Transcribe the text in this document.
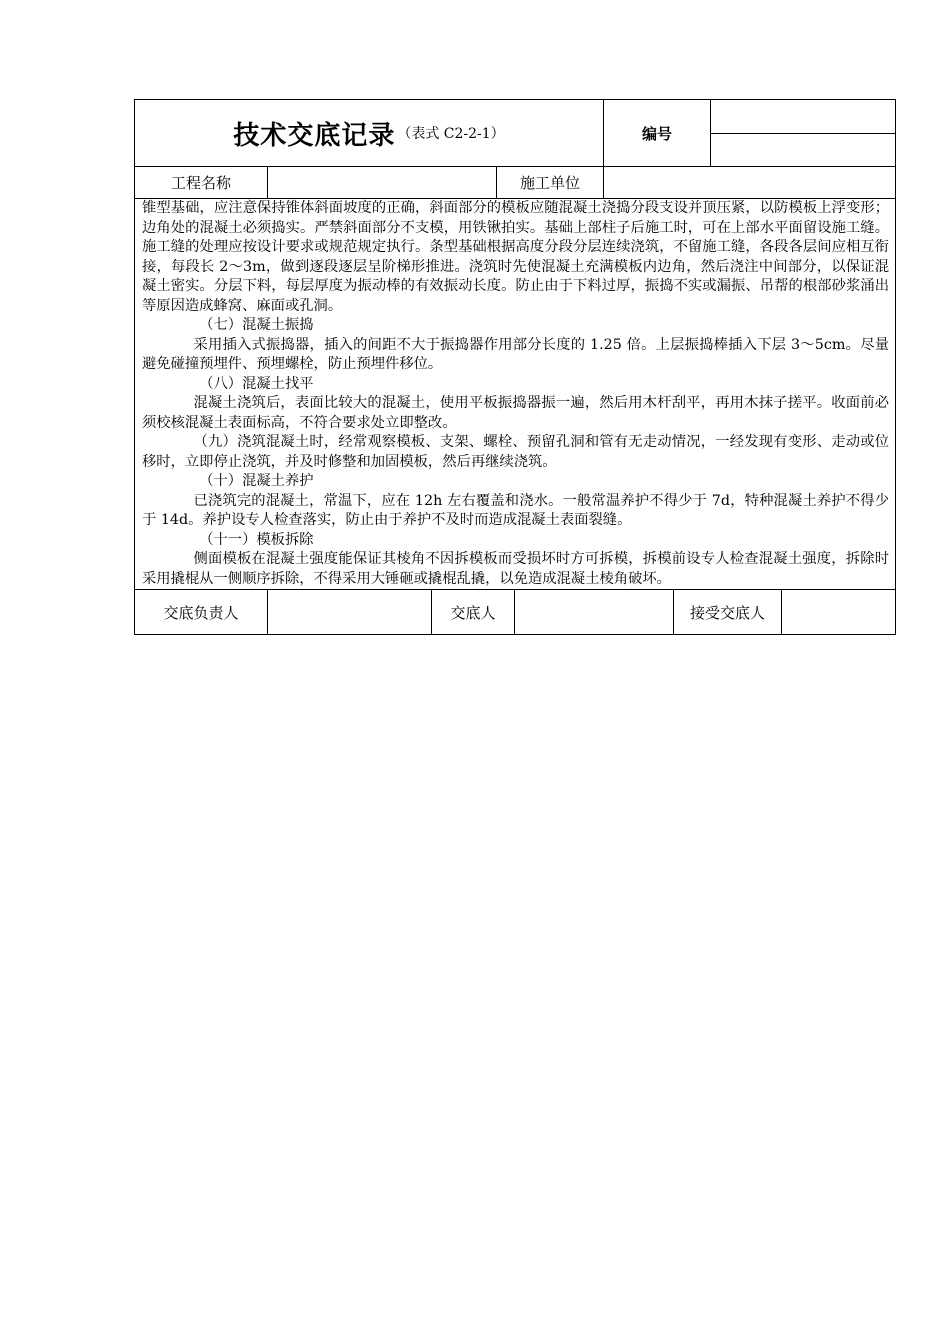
技术交底记录 （表式 C2-2-1）	编号
工程名称	施工单位

锥型基础，应注意保持锥体斜面坡度的正确，斜面部分的模板应随混凝土浇捣分段支设并顶压紧，以防模板上浮变形；边角处的混凝土必须捣实。严禁斜面部分不支模，用铁锹拍实。基础上部柱子后施工时，可在上部水平面留设施工缝。施工缝的处理应按设计要求或规范规定执行。条型基础根据高度分段分层连续浇筑，不留施工缝，各段各层间应相互衔接，每段长 2～3m，做到逐段逐层呈阶梯形推进。浇筑时先使混凝土充满模板内边角，然后浇注中间部分，以保证混凝土密实。分层下料，每层厚度为振动棒的有效振动长度。防止由于下料过厚，振捣不实或漏振、吊帮的根部砂浆涌出等原因造成蜂窝、麻面或孔洞。

（七）混凝土振捣

采用插入式振捣器，插入的间距不大于振捣器作用部分长度的 1.25 倍。上层振捣棒插入下层 3～5cm。尽量避免碰撞预埋件、预埋螺栓，防止预埋件移位。

（八）混凝土找平

混凝土浇筑后，表面比较大的混凝土，使用平板振捣器振一遍，然后用木杆刮平，再用木抹子搓平。收面前必须校核混凝土表面标高，不符合要求处立即整改。

（九）浇筑混凝土时，经常观察模板、支架、螺栓、预留孔洞和管有无走动情况，一经发现有变形、走动或位移时，立即停止浇筑，并及时修整和加固模板，然后再继续浇筑。

（十）混凝土养护

已浇筑完的混凝土，常温下，应在 12h 左右覆盖和浇水。一般常温养护不得少于 7d，特种混凝土养护不得少于 14d。养护设专人检查落实，防止由于养护不及时而造成混凝土表面裂缝。

（十一）模板拆除

侧面模板在混凝土强度能保证其棱角不因拆模板而受损坏时方可拆模，拆模前设专人检查混凝土强度，拆除时采用撬棍从一侧顺序拆除，不得采用大锤砸或撬棍乱撬，以免造成混凝土棱角破坏。

交底负责人	交底人	接受交底人
